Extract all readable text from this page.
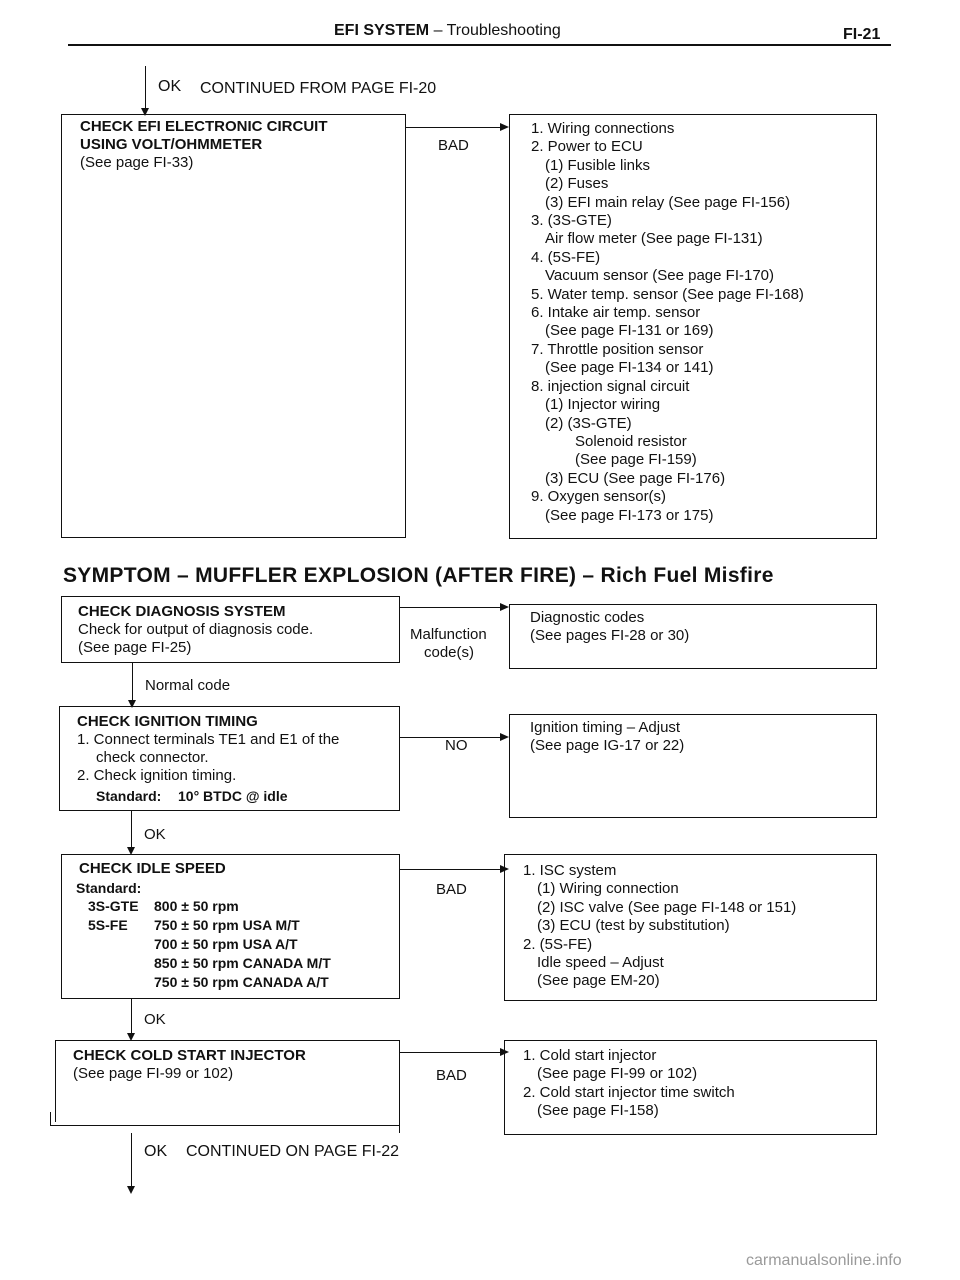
EFI SYSTEM – Troubleshooting	FI-21
OK CONTINUED FROM PAGE FI-20
CHECK EFI ELECTRONIC CIRCUIT
USING VOLT/OHMMETER
(See page FI-33)
BAD
1. Wiring connections
2. Power to ECU
(1) Fusible links
(2) Fuses
(3) EFI main relay (See page FI-156)
3. (3S-GTE)
Air flow meter (See page FI-131)
4. (5S-FE)
Vacuum sensor (See page FI-170)
5. Water temp. sensor (See page FI-168)
6. Intake air temp. sensor
(See page FI-131 or 169)
7. Throttle position sensor
(See page FI-134 or 141)
8. injection signal circuit
(1) Injector wiring
(2) (3S-GTE)
Solenoid resistor
(See page FI-159)
(3) ECU (See page FI-176)
9. Oxygen sensor(s)
(See page FI-173 or 175)
SYMPTOM – MUFFLER EXPLOSION (AFTER FIRE) – Rich Fuel Misfire
CHECK DIAGNOSIS SYSTEM
Check for output of diagnosis code.
(See page FI-25)
Malfunction
code(s)
Diagnostic codes
(See pages FI-28 or 30)
Normal code
CHECK IGNITION TIMING
1. Connect terminals TE1 and E1 of the
check connector.
2. Check ignition timing.
Standard: 10° BTDC @ idle
NO
Ignition timing – Adjust
(See page IG-17 or 22)
OK
CHECK IDLE SPEED
Standard:
3S-GTE 800 ± 50 rpm
5S-FE 750 ± 50 rpm USA M/T
700 ± 50 rpm USA A/T
850 ± 50 rpm CANADA M/T
750 ± 50 rpm CANADA A/T
BAD
1. ISC system
(1) Wiring connection
(2) ISC valve (See page FI-148 or 151)
(3) ECU (test by substitution)
2. (5S-FE)
Idle speed – Adjust
(See page EM-20)
OK
CHECK COLD START INJECTOR
(See page FI-99 or 102)	BAD
1. Cold start injector
(See page FI-99 or 102)
2. Cold start injector time switch
(See page FI-158)
OK CONTINUED ON PAGE FI-22
carmanualsonline.info
